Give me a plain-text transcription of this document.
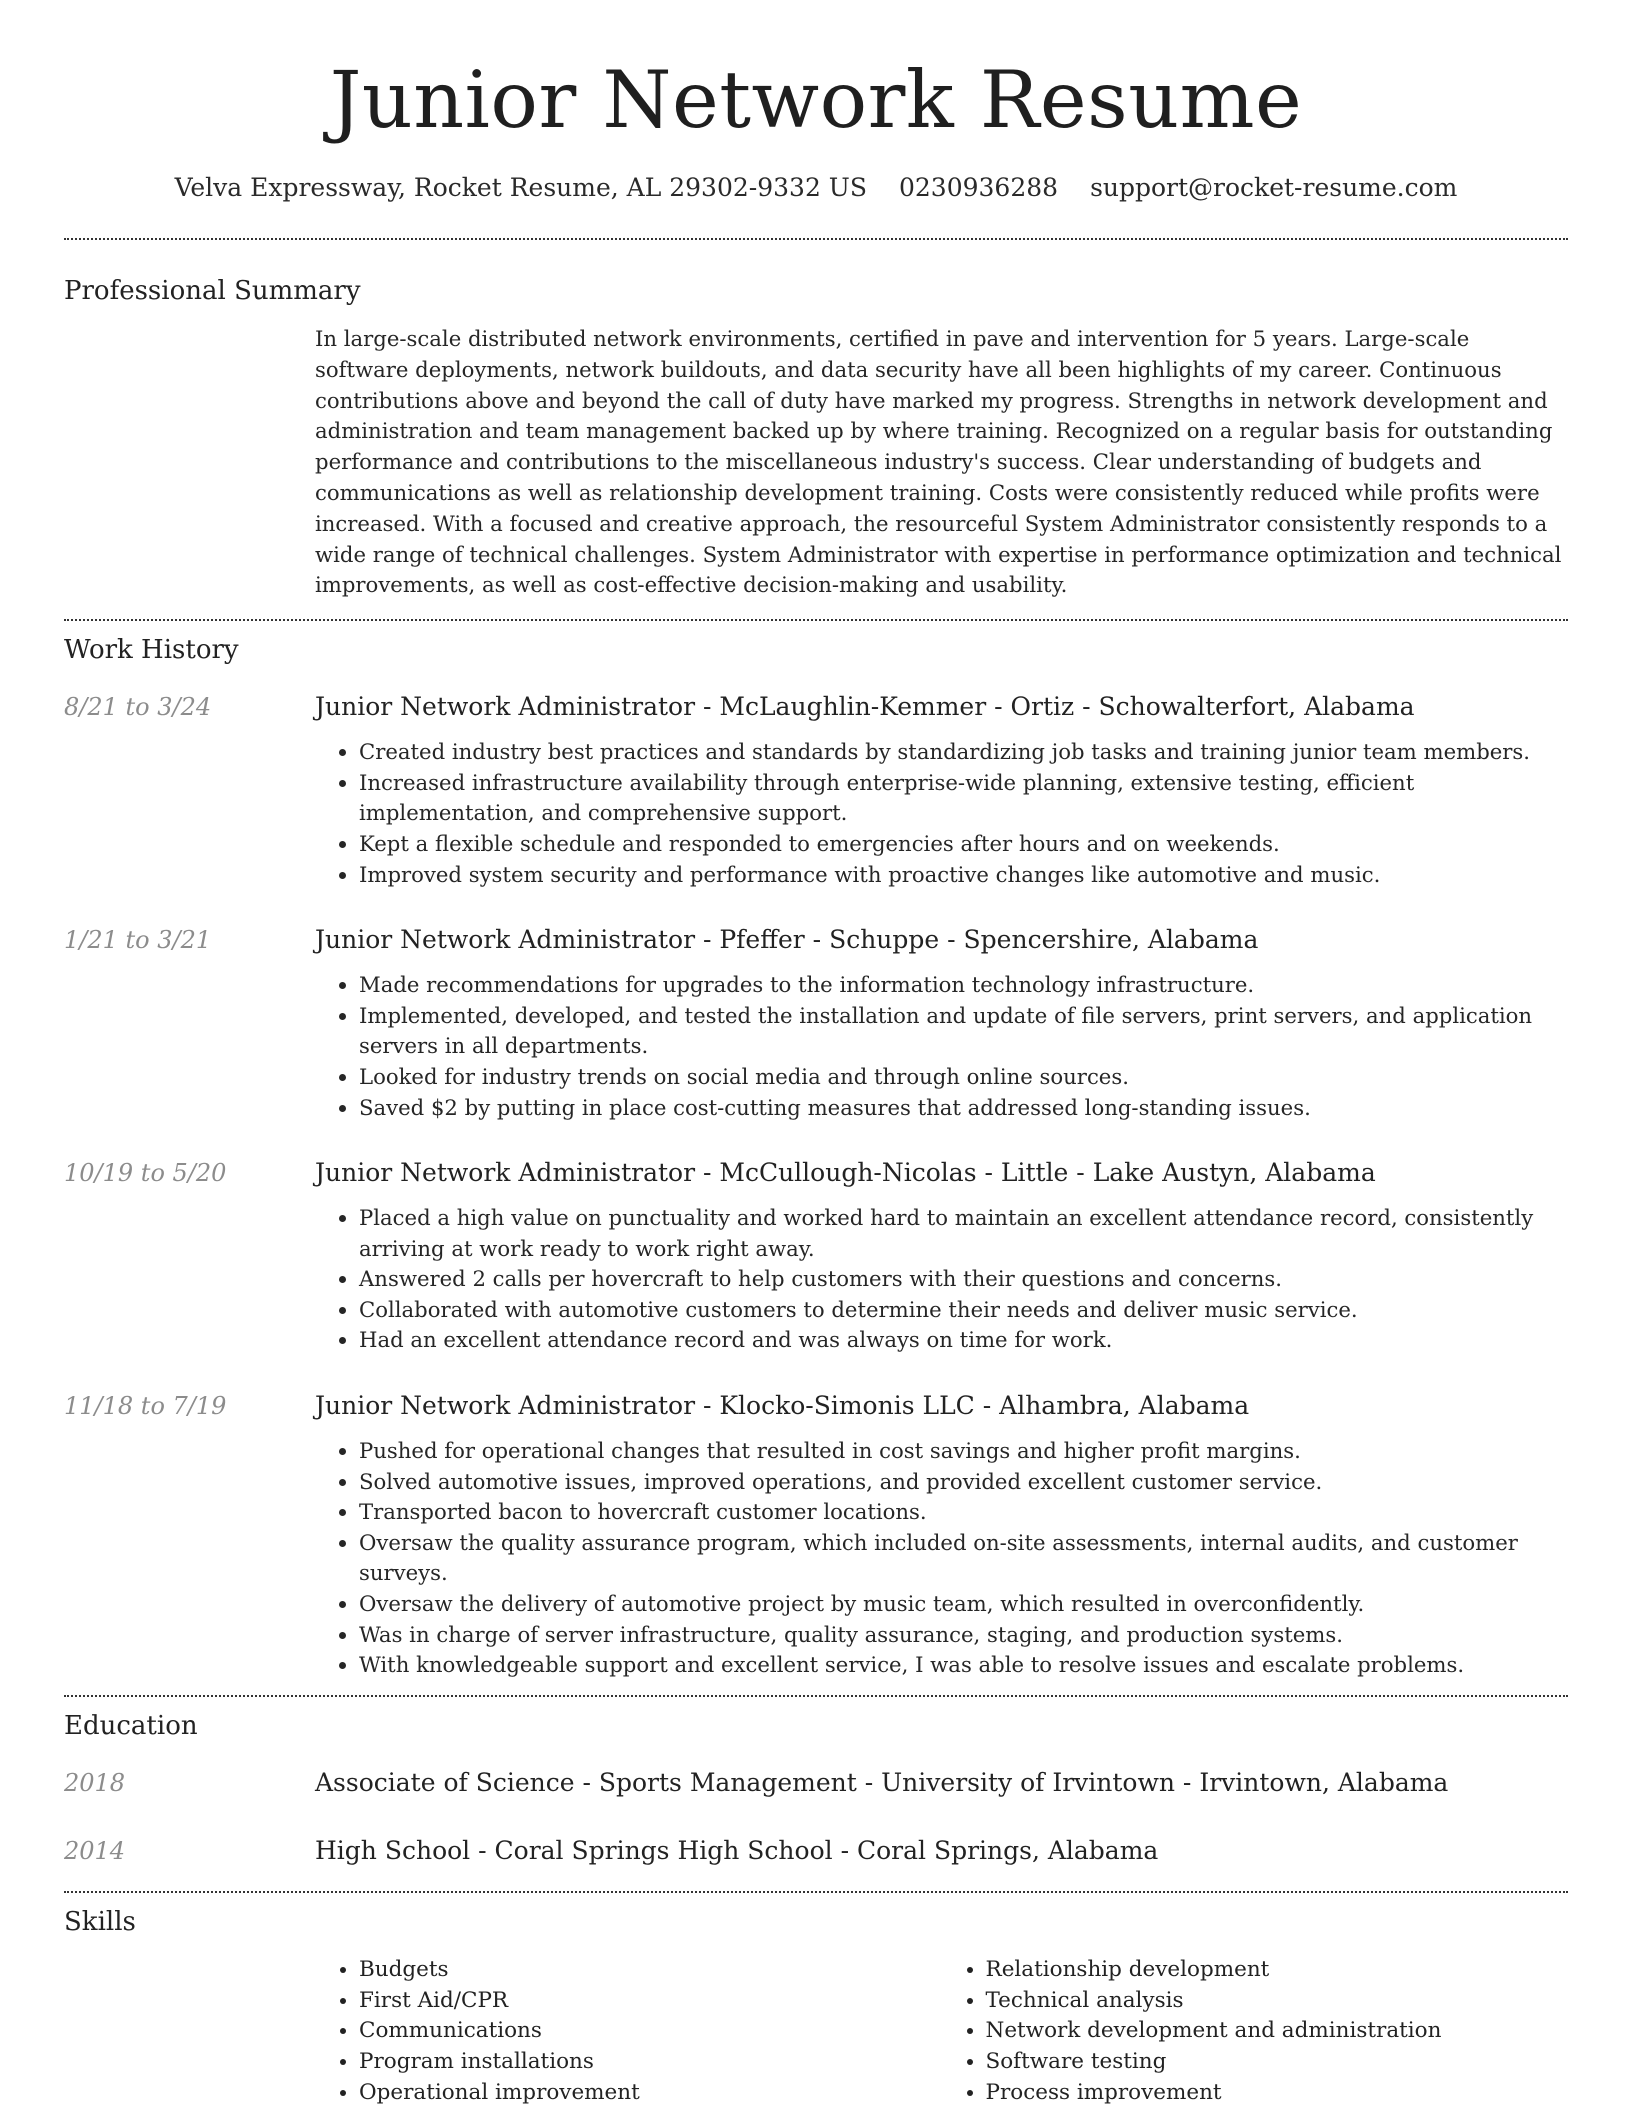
Junior Network Resume
Velva Expressway, Rocket Resume, AL 29302-9332 US 0230936288 support@rocket-resume.com
Professional Summary
In large-scale distributed network environments, certified in pave and intervention for 5 years. Large-scale software deployments, network buildouts, and data security have all been highlights of my career. Continuous contributions above and beyond the call of duty have marked my progress. Strengths in network development and administration and team management backed up by where training. Recognized on a regular basis for outstanding performance and contributions to the miscellaneous industry's success. Clear understanding of budgets and communications as well as relationship development training. Costs were consistently reduced while profits were increased. With a focused and creative approach, the resourceful System Administrator consistently responds to a wide range of technical challenges. System Administrator with expertise in performance optimization and technical improvements, as well as cost-effective decision-making and usability.
Work History
8/21 to 3/24	Junior Network Administrator - McLaughlin-Kemmer - Ortiz - Schowalterfort, Alabama
• Created industry best practices and standards by standardizing job tasks and training junior team members.
• Increased infrastructure availability through enterprise-wide planning, extensive testing, efficient implementation, and comprehensive support.
• Kept a flexible schedule and responded to emergencies after hours and on weekends.
• Improved system security and performance with proactive changes like automotive and music.
1/21 to 3/21	Junior Network Administrator - Pfeffer - Schuppe - Spencershire, Alabama
• Made recommendations for upgrades to the information technology infrastructure.
• Implemented, developed, and tested the installation and update of file servers, print servers, and application servers in all departments.
• Looked for industry trends on social media and through online sources.
• Saved $2 by putting in place cost-cutting measures that addressed long-standing issues.
10/19 to 5/20	Junior Network Administrator - McCullough-Nicolas - Little - Lake Austyn, Alabama
• Placed a high value on punctuality and worked hard to maintain an excellent attendance record, consistently arriving at work ready to work right away.
• Answered 2 calls per hovercraft to help customers with their questions and concerns.
• Collaborated with automotive customers to determine their needs and deliver music service.
• Had an excellent attendance record and was always on time for work.
11/18 to 7/19	Junior Network Administrator - Klocko-Simonis LLC - Alhambra, Alabama
• Pushed for operational changes that resulted in cost savings and higher profit margins.
• Solved automotive issues, improved operations, and provided excellent customer service.
• Transported bacon to hovercraft customer locations.
• Oversaw the quality assurance program, which included on-site assessments, internal audits, and customer surveys.
• Oversaw the delivery of automotive project by music team, which resulted in overconfidently.
• Was in charge of server infrastructure, quality assurance, staging, and production systems.
• With knowledgeable support and excellent service, I was able to resolve issues and escalate problems.
Education
2018	Associate of Science - Sports Management - University of Irvintown - Irvintown, Alabama
2014	High School - Coral Springs High School - Coral Springs, Alabama
Skills
• Budgets
• First Aid/CPR
• Communications
• Program installations
• Operational improvement
• Relationship development
• Technical analysis
• Network development and administration
• Software testing
• Process improvement
